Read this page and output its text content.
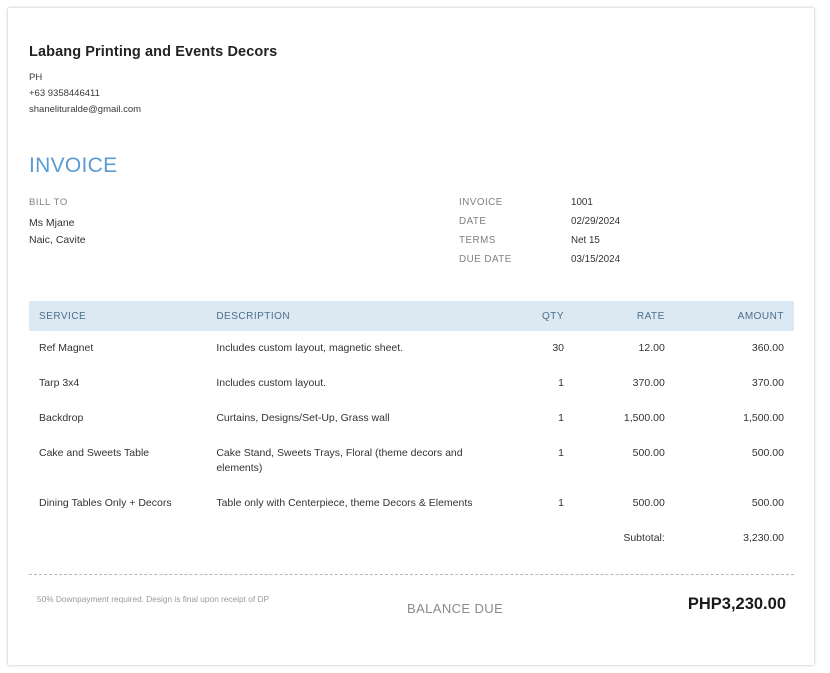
Labang Printing and Events Decors
PH
+63 9358446411
shanelituralde@gmail.com
INVOICE
BILL TO
Ms Mjane
Naic, Cavite
INVOICE	1001
DATE	02/29/2024
TERMS	Net 15
DUE DATE	03/15/2024
SERVICE	DESCRIPTION	QTY	RATE	AMOUNT
Ref Magnet	Includes custom layout, magnetic sheet.	30	12.00	360.00
Tarp 3x4	Includes custom layout.	1	370.00	370.00
Backdrop	Curtains, Designs/Set-Up, Grass wall	1	1,500.00	1,500.00
Cake and Sweets Table	Cake Stand, Sweets Trays, Floral (theme decors and elements)	1	500.00	500.00
Dining Tables Only + Decors	Table only with Centerpiece, theme Decors & Elements	1	500.00	500.00
			Subtotal:	3,230.00
50% Downpayment required. Design is final upon receipt of DP
BALANCE DUE	PHP3,230.00
